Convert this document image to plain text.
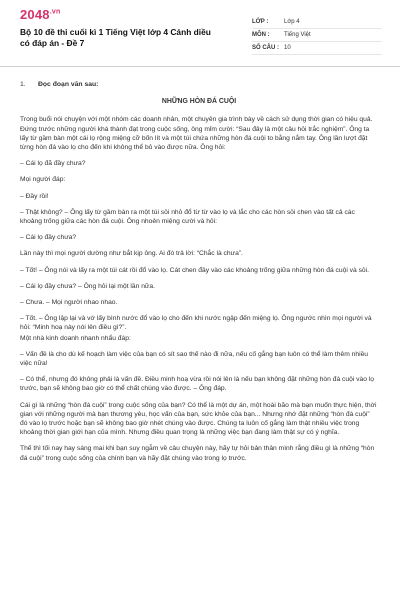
$2048^{.vn}$
Bộ 10 đề thi cuối kì 1 Tiếng Việt lớp 4 Cánh diều có đáp án - Đề 7
LỚP :	Lớp 4
MÔN :	Tiếng Việt
SỐ CÂU : 10
1.	Đọc đoạn văn sau:
NHỮNG HÒN ĐÁ CUỘI

Trong buổi nói chuyện với một nhóm các doanh nhân, một chuyên gia trình bày về cách sử dụng thời gian có hiệu quả. Đứng trước những người khá thành đạt trong cuộc sống, ông mỉm cười: “Sau đây là một câu hỏi trắc nghiệm”. Ông ta lấy từ gầm bàn một cái lọ rộng miệng cỡ bốn lít và một túi chứa những hòn đá cuội to bằng nắm tay. Ông lần lượt đặt từng hòn đá vào lọ cho đến khi không thể bỏ vào được nữa. Ông hỏi:

– Cái lọ đã đầy chưa?

Mọi người đáp:

– Đầy rồi!

– Thật không? – Ông lấy từ gầm bàn ra một túi sỏi nhỏ đổ từ từ vào lọ và lắc cho các hòn sỏi chen vào tất cả các khoảng trống giữa các hòn đá cuội. Ông nhoẻn miệng cười và hỏi:

– Cái lọ đầy chưa?

Lần này thì mọi người dường như bắt kịp ông. Ai đó trả lời: “Chắc là chưa”.

– Tốt! – Ông nói và lấy ra một túi cát rồi đổ vào lọ. Cát chen đầy vào các khoảng trống giữa những hòn đá cuội và sỏi.

– Cái lọ đầy chưa? – Ông hỏi lại một lần nữa.

– Chưa. – Mọi người nhao nhao.

– Tốt. – Ông lập lại và vớ lấy bình nước đổ vào lọ cho đến khi nước ngập đến miệng lọ. Ông ngước nhìn mọi người và hỏi: “Minh hoạ này nói lên điều gì?”.

Một nhà kinh doanh nhanh nhẩu đáp:

– Vấn đề là cho dù kế hoạch làm việc của bạn có sít sao thế nào đi nữa, nếu cố gắng bạn luôn có thể làm thêm nhiều việc nữa!

– Có thể, nhưng đó không phải là vấn đề. Điều minh hoạ vừa rồi nói lên là nếu bạn không đặt những hòn đá cuội vào lọ trước, bạn sẽ không bao giờ có thể chất chúng vào được. – Ông đáp.

Cái gì là những “hòn đá cuội” trong cuộc sống của bạn? Có thể là một dự án, một hoài bão mà bạn muốn thực hiện, thời gian với những người mà bạn thương yêu, học vấn của bạn, sức khỏe của bạn... Nhưng nhớ đặt những “hòn đá cuội” đó vào lọ trước hoặc bạn sẽ không bao giờ nhét chúng vào được. Chúng ta luôn cố gắng làm thật nhiều việc trong khoảng thời gian giới hạn của mình. Nhưng điều quan trọng là những việc bạn đang làm thật sự có ý nghĩa.

Thế thì tối nay hay sáng mai khi bạn suy ngẫm về câu chuyện này, hãy tự hỏi bản thân mình rằng điều gì là những “hòn đá cuội” trong cuộc sống của chính bạn và hãy đặt chúng vào trong lọ trước.
